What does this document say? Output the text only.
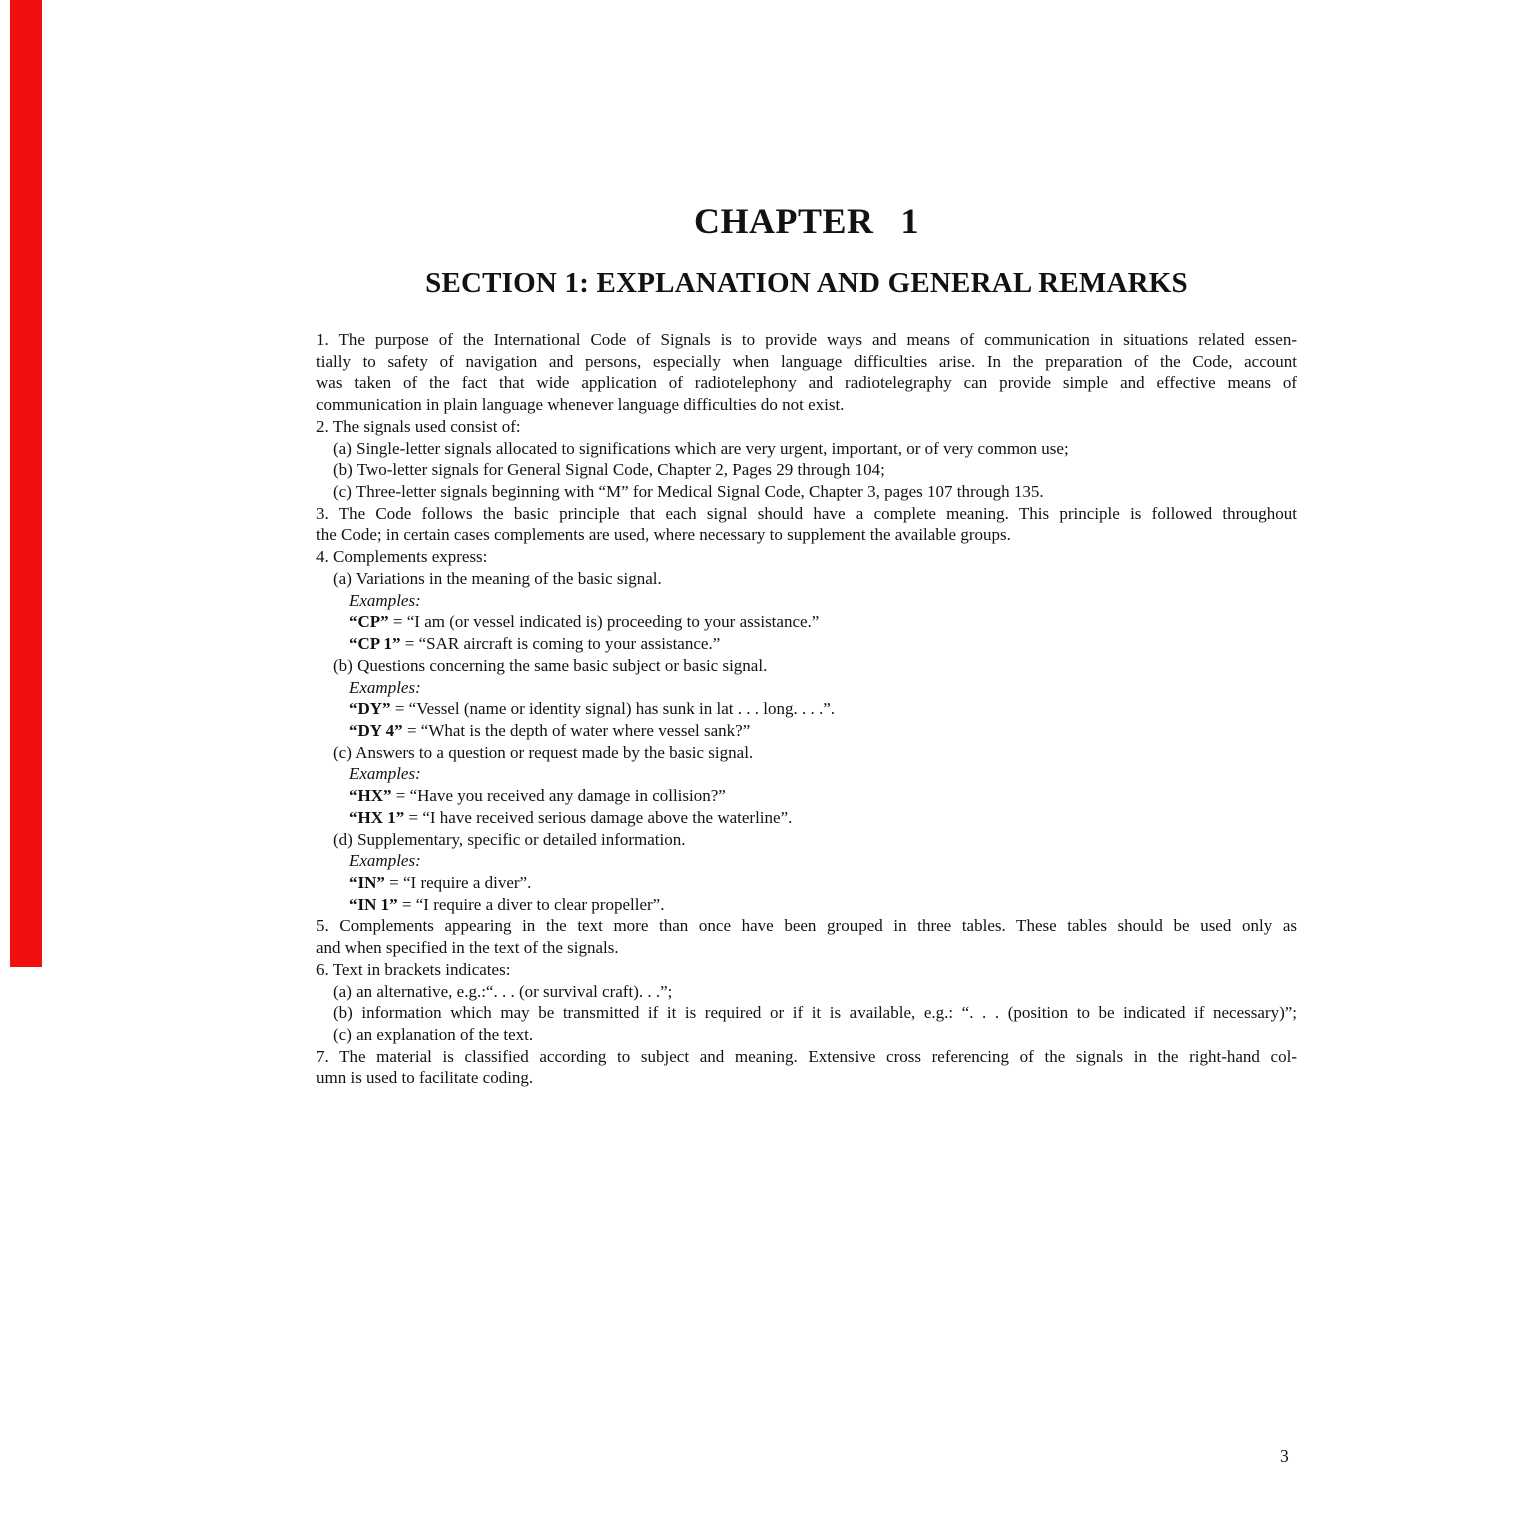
CHAPTER  1
SECTION 1: EXPLANATION AND GENERAL REMARKS
1. The purpose of the International Code of Signals is to provide ways and means of communication in situations related essen-
tially to safety of navigation and persons, especially when language difficulties arise. In the preparation of the Code, account
was taken of the fact that wide application of radiotelephony and radiotelegraphy can provide simple and effective means of
communication in plain language whenever language difficulties do not exist.
2. The signals used consist of:
(a) Single-letter signals allocated to significations which are very urgent, important, or of very common use;
(b) Two-letter signals for General Signal Code, Chapter 2, Pages 29 through 104;
(c) Three-letter signals beginning with “M” for Medical Signal Code, Chapter 3, pages 107 through 135.
3. The Code follows the basic principle that each signal should have a complete meaning. This principle is followed throughout
the Code; in certain cases complements are used, where necessary to supplement the available groups.
4. Complements express:
(a) Variations in the meaning of the basic signal.
Examples:
“CP” = “I am (or vessel indicated is) proceeding to your assistance.”
“CP 1” = “SAR aircraft is coming to your assistance.”
(b) Questions concerning the same basic subject or basic signal.
Examples:
“DY” = “Vessel (name or identity signal) has sunk in lat . . . long. . . .”.
“DY 4” = “What is the depth of water where vessel sank?”
(c) Answers to a question or request made by the basic signal.
Examples:
“HX” = “Have you received any damage in collision?”
“HX 1” = “I have received serious damage above the waterline”.
(d) Supplementary, specific or detailed information.
Examples:
“IN” = “I require a diver”.
“IN 1” = “I require a diver to clear propeller”.
5. Complements appearing in the text more than once have been grouped in three tables. These tables should be used only as
and when specified in the text of the signals.
6. Text in brackets indicates:
(a) an alternative, e.g.:“. . . (or survival craft). . .”;
(b) information which may be transmitted if it is required or if it is available, e.g.: “. . . (position to be indicated if necessary)”;
(c) an explanation of the text.
7. The material is classified according to subject and meaning. Extensive cross referencing of the signals in the right-hand col-
umn is used to facilitate coding.
3
